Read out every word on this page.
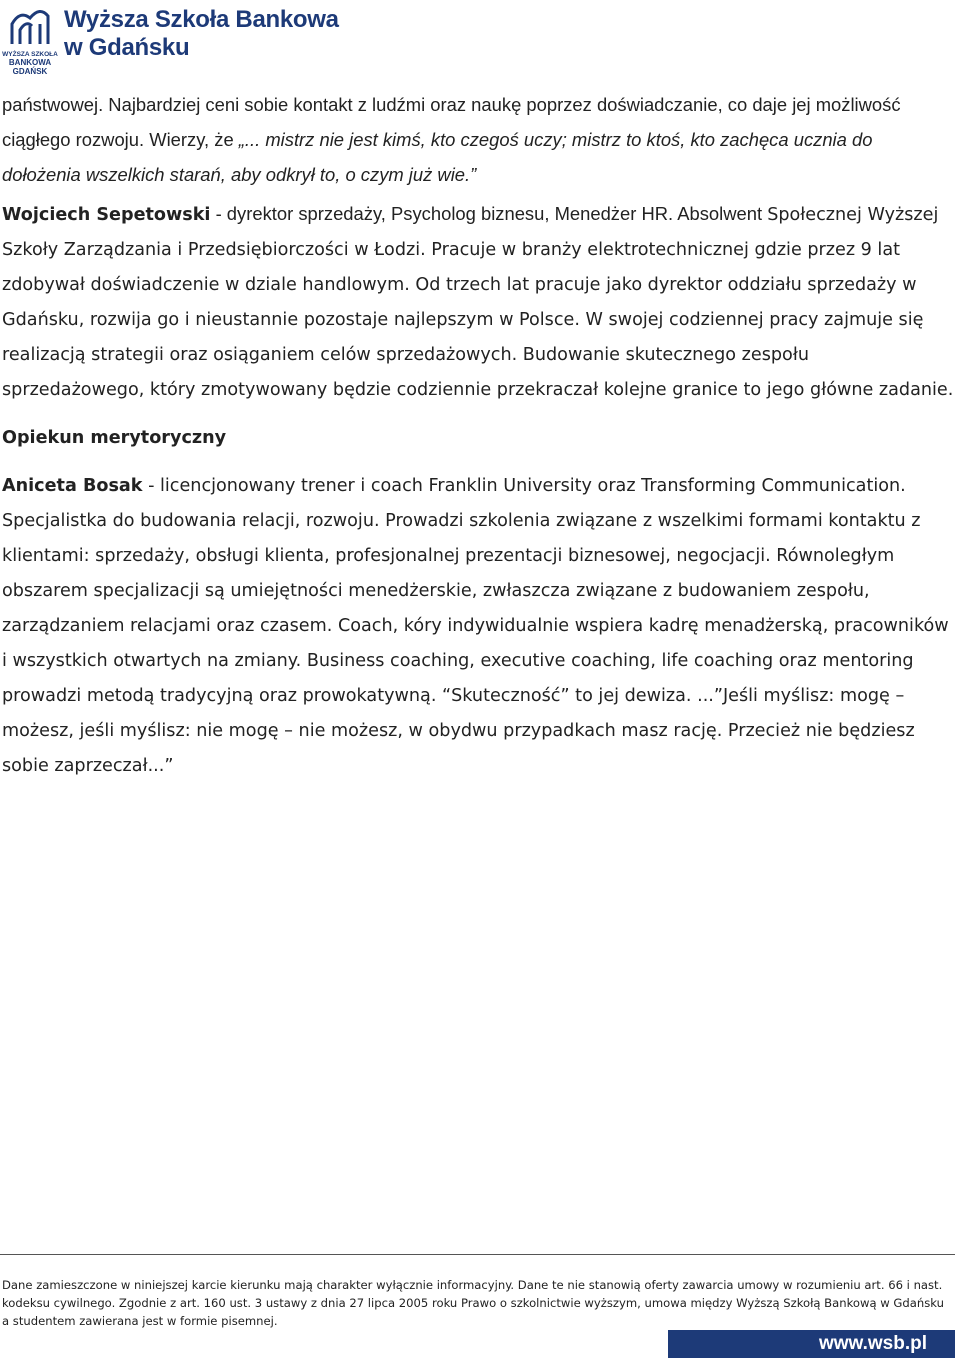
WYŻSZA SZKOŁA
BANKOWA
GDAŃSK
Wyższa Szkoła Bankowa
w Gdańsku

państwowej. Najbardziej ceni sobie kontakt z ludźmi oraz naukę poprzez doświadczanie, co daje jej możliwość ciągłego rozwoju. Wierzy, że „... mistrz nie jest kimś, kto czegoś uczy; mistrz to ktoś, kto zachęca ucznia do dołożenia wszelkich starań, aby odkrył to, o czym już wie.”

Wojciech Sepetowski - dyrektor sprzedaży, Psycholog biznesu, Menedżer HR. Absolwent Społecznej Wyższej Szkoły Zarządzania i Przedsiębiorczości w Łodzi. Pracuje w branży elektrotechnicznej gdzie przez 9 lat zdobywał doświadczenie w dziale handlowym. Od trzech lat pracuje jako dyrektor oddziału sprzedaży w Gdańsku, rozwija go i nieustannie pozostaje najlepszym w Polsce. W swojej codziennej pracy zajmuje się realizacją strategii oraz osiąganiem celów sprzedażowych. Budowanie skutecznego zespołu sprzedażowego, który zmotywowany będzie codziennie przekraczał kolejne granice to jego główne zadanie.

Opiekun merytoryczny

Aniceta Bosak - licencjonowany trener i coach Franklin University oraz Transforming Communication. Specjalistka do budowania relacji, rozwoju. Prowadzi szkolenia związane z wszelkimi formami kontaktu z klientami: sprzedaży, obsługi klienta, profesjonalnej prezentacji biznesowej, negocjacji. Równoległym obszarem specjalizacji są umiejętności menedżerskie, zwłaszcza związane z budowaniem zespołu, zarządzaniem relacjami oraz czasem. Coach, kóry indywidualnie wspiera kadrę menadżerską, pracowników i wszystkich otwartych na zmiany. Business coaching, executive coaching, life coaching oraz mentoring prowadzi metodą tradycyjną oraz prowokatywną. “Skuteczność” to jej dewiza. ...”Jeśli myślisz: mogę – możesz, jeśli myślisz: nie mogę – nie możesz, w obydwu przypadkach masz rację. Przecież nie będziesz sobie zaprzeczał...”

Dane zamieszczone w niniejszej karcie kierunku mają charakter wyłącznie informacyjny. Dane te nie stanowią oferty zawarcia umowy w rozumieniu art. 66 i nast. kodeksu cywilnego. Zgodnie z art. 160 ust. 3 ustawy z dnia 27 lipca 2005 roku Prawo o szkolnictwie wyższym, umowa między Wyższą Szkołą Bankową w Gdańsku a studentem zawierana jest w formie pisemnej.

www.wsb.pl
